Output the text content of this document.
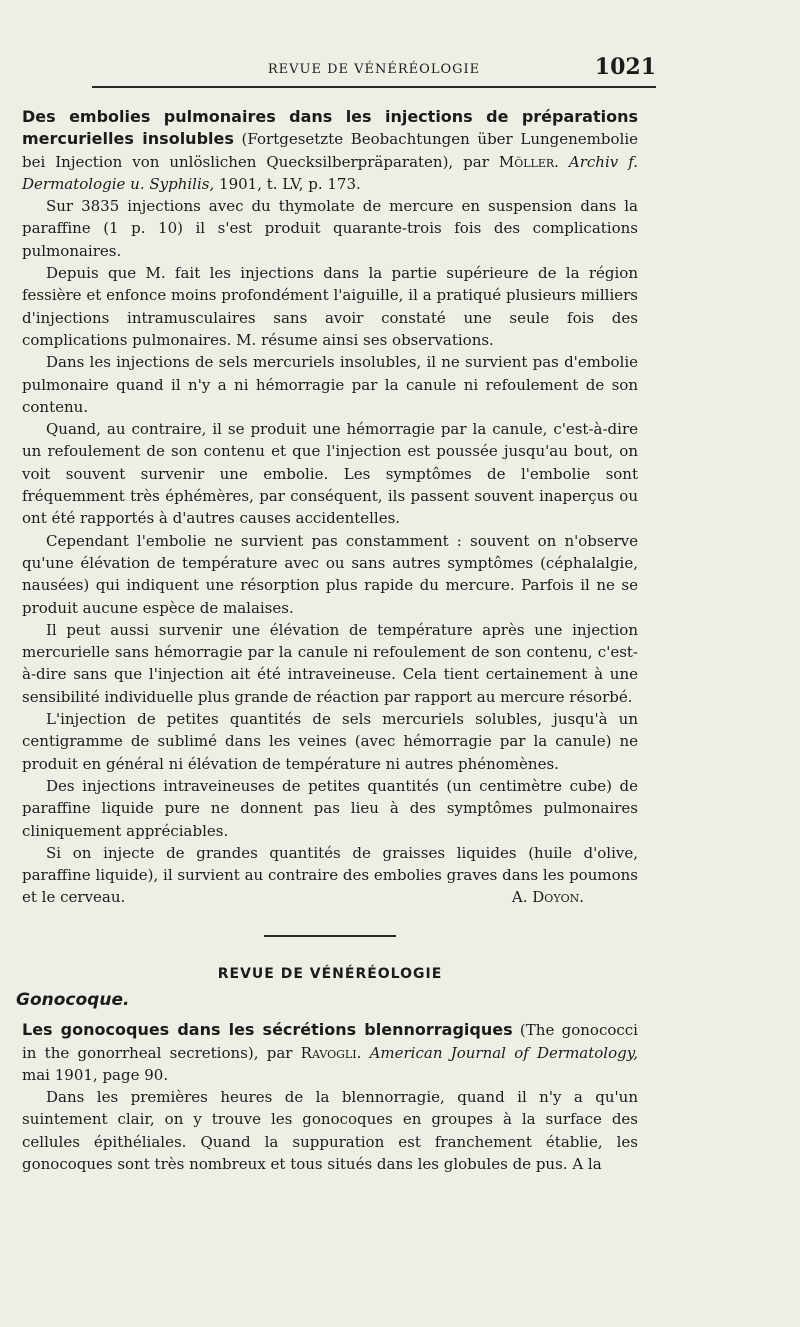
REVUE DE VÉNÉRÉOLOGIE	1021

Des embolies pulmonaires dans les injections de préparations mercurielles insolubles (Fortgesetzte Beobachtungen über Lungenembolie bei Injection von unlöslichen Quecksilberpräparaten), par Möller. Archiv f. Dermatologie u. Syphilis, 1901, t. LV, p. 173.

Sur 3835 injections avec du thymolate de mercure en suspension dans la paraffine (1 p. 10) il s'est produit quarante-trois fois des complications pulmonaires.

Depuis que M. fait les injections dans la partie supérieure de la région fessière et enfonce moins profondément l'aiguille, il a pratiqué plusieurs milliers d'injections intramusculaires sans avoir constaté une seule fois des complications pulmonaires. M. résume ainsi ses observations.

Dans les injections de sels mercuriels insolubles, il ne survient pas d'embolie pulmonaire quand il n'y a ni hémorragie par la canule ni refoulement de son contenu.

Quand, au contraire, il se produit une hémorragie par la canule, c'est-à-dire un refoulement de son contenu et que l'injection est poussée jusqu'au bout, on voit souvent survenir une embolie. Les symptômes de l'embolie sont fréquemment très éphémères, par conséquent, ils passent souvent inaperçus ou ont été rapportés à d'autres causes accidentelles.

Cependant l'embolie ne survient pas constamment : souvent on n'observe qu'une élévation de température avec ou sans autres symptômes (céphalalgie, nausées) qui indiquent une résorption plus rapide du mercure. Parfois il ne se produit aucune espèce de malaises.

Il peut aussi survenir une élévation de température après une injection mercurielle sans hémorragie par la canule ni refoulement de son contenu, c'est-à-dire sans que l'injection ait été intraveineuse. Cela tient certainement à une sensibilité individuelle plus grande de réaction par rapport au mercure résorbé.

L'injection de petites quantités de sels mercuriels solubles, jusqu'à un centigramme de sublimé dans les veines (avec hémorragie par la canule) ne produit en général ni élévation de température ni autres phénomènes.

Des injections intraveineuses de petites quantités (un centimètre cube) de paraffine liquide pure ne donnent pas lieu à des symptômes pulmonaires cliniquement appréciables.

Si on injecte de grandes quantités de graisses liquides (huile d'olive, paraffine liquide), il survient au contraire des embolies graves dans les poumons et le cerveau.	A. Doyon.

REVUE DE VÉNÉRÉOLOGIE
Gonocoque.

Les gonocoques dans les sécrétions blennorragiques (The gonococci in the gonorrheal secretions), par Ravogli. American Journal of Dermatology, mai 1901, page 90.

Dans les premières heures de la blennorragie, quand il n'y a qu'un suintement clair, on y trouve les gonocoques en groupes à la surface des cellules épithéliales. Quand la suppuration est franchement établie, les gonocoques sont très nombreux et tous situés dans les globules de pus. A la
